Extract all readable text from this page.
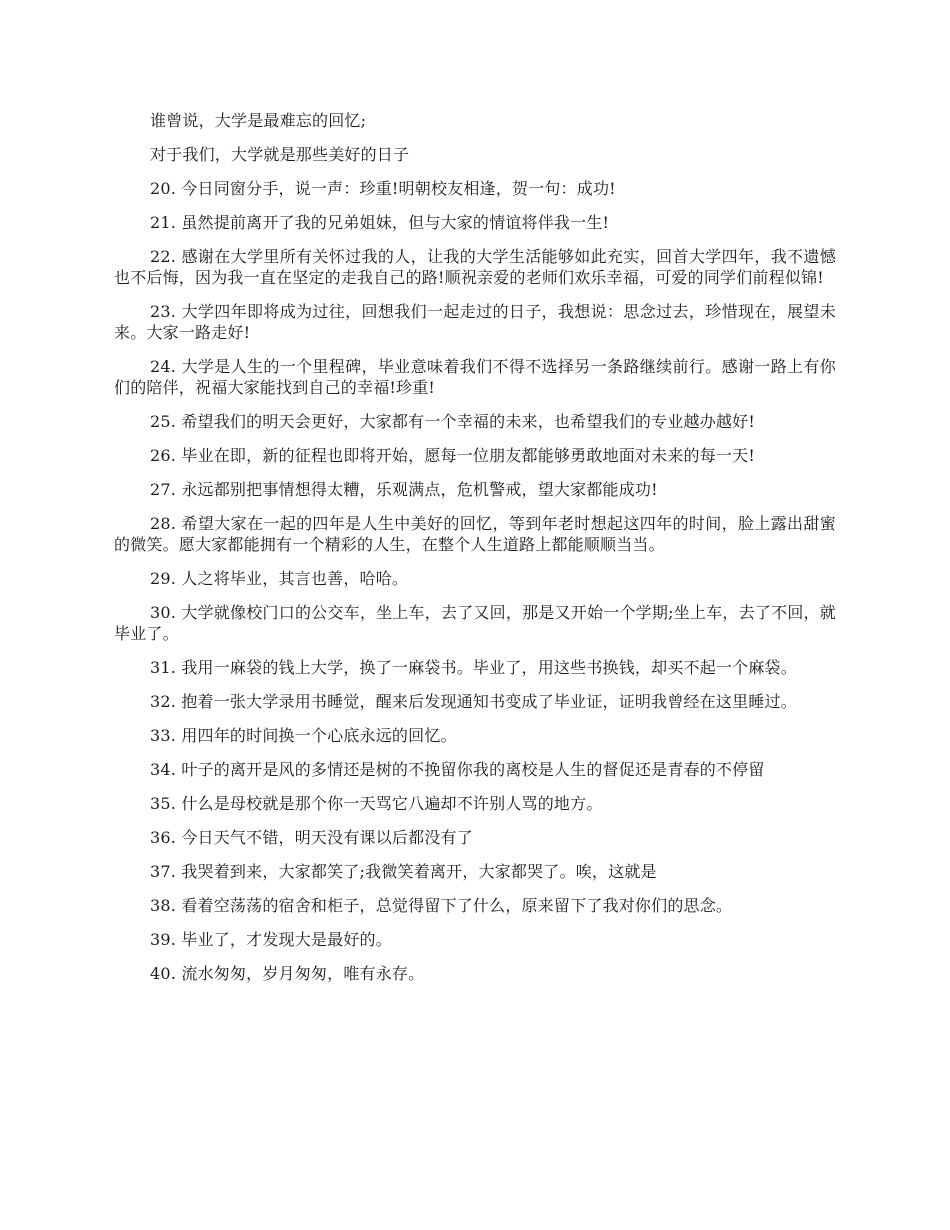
谁曾说，大学是最难忘的回忆;

对于我们，大学就是那些美好的日子

20. 今日同窗分手，说一声：珍重!明朝校友相逢，贺一句：成功!

21. 虽然提前离开了我的兄弟姐妹，但与大家的情谊将伴我一生!

22. 感谢在大学里所有关怀过我的人，让我的大学生活能够如此充实，回首大学四年，我不遗憾也不后悔，因为我一直在坚定的走我自己的路!顺祝亲爱的老师们欢乐幸福，可爱的同学们前程似锦!

23. 大学四年即将成为过往，回想我们一起走过的日子，我想说：思念过去，珍惜现在，展望未来。大家一路走好!

24. 大学是人生的一个里程碑，毕业意味着我们不得不选择另一条路继续前行。感谢一路上有你们的陪伴，祝福大家能找到自己的幸福!珍重!

25. 希望我们的明天会更好，大家都有一个幸福的未来，也希望我们的专业越办越好!

26. 毕业在即，新的征程也即将开始，愿每一位朋友都能够勇敢地面对未来的每一天!

27. 永远都别把事情想得太糟，乐观满点，危机警戒，望大家都能成功!

28. 希望大家在一起的四年是人生中美好的回忆，等到年老时想起这四年的时间，脸上露出甜蜜的微笑。愿大家都能拥有一个精彩的人生，在整个人生道路上都能顺顺当当。

29. 人之将毕业，其言也善，哈哈。

30. 大学就像校门口的公交车，坐上车，去了又回，那是又开始一个学期;坐上车，去了不回，就毕业了。

31. 我用一麻袋的钱上大学，换了一麻袋书。毕业了，用这些书换钱，却买不起一个麻袋。

32. 抱着一张大学录用书睡觉，醒来后发现通知书变成了毕业证，证明我曾经在这里睡过。

33. 用四年的时间换一个心底永远的回忆。

34. 叶子的离开是风的多情还是树的不挽留你我的离校是人生的督促还是青春的不停留

35. 什么是母校就是那个你一天骂它八遍却不许别人骂的地方。

36. 今日天气不错，明天没有课以后都没有了

37. 我哭着到来，大家都笑了;我微笑着离开，大家都哭了。唉，这就是

38. 看着空荡荡的宿舍和柜子，总觉得留下了什么，原来留下了我对你们的思念。

39. 毕业了，才发现大是最好的。

40. 流水匆匆，岁月匆匆，唯有永存。
